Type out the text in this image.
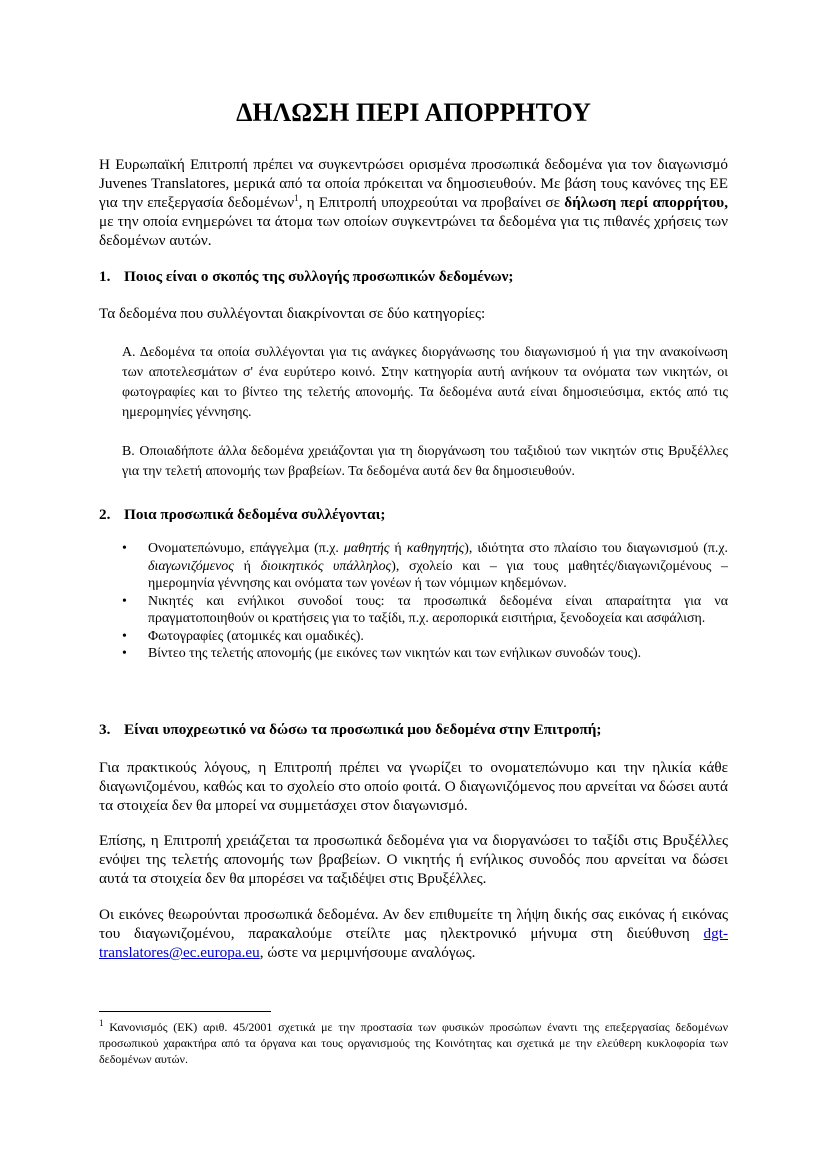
ΔΗΛΩΣΗ ΠΕΡΙ ΑΠΟΡΡΗΤΟΥ

Η Ευρωπαϊκή Επιτροπή πρέπει να συγκεντρώσει ορισμένα προσωπικά δεδομένα για τον διαγωνισμό Juvenes Translatores, μερικά από τα οποία πρόκειται να δημοσιευθούν. Με βάση τους κανόνες της ΕΕ για την επεξεργασία δεδομένων$^1$, η Επιτροπή υποχρεούται να προβαίνει σε δήλωση περί απορρήτου, με την οποία ενημερώνει τα άτομα των οποίων συγκεντρώνει τα δεδομένα για τις πιθανές χρήσεις των δεδομένων αυτών.

1. Ποιος είναι ο σκοπός της συλλογής προσωπικών δεδομένων;

Τα δεδομένα που συλλέγονται διακρίνονται σε δύο κατηγορίες:

Α. Δεδομένα τα οποία συλλέγονται για τις ανάγκες διοργάνωσης του διαγωνισμού ή για την ανακοίνωση των αποτελεσμάτων σ' ένα ευρύτερο κοινό. Στην κατηγορία αυτή ανήκουν τα ονόματα των νικητών, οι φωτογραφίες και το βίντεο της τελετής απονομής. Τα δεδομένα αυτά είναι δημοσιεύσιμα, εκτός από τις ημερομηνίες γέννησης.

Β. Οποιαδήποτε άλλα δεδομένα χρειάζονται για τη διοργάνωση του ταξιδιού των νικητών στις Βρυξέλλες για την τελετή απονομής των βραβείων. Τα δεδομένα αυτά δεν θα δημοσιευθούν.

2. Ποια προσωπικά δεδομένα συλλέγονται;

• Ονοματεπώνυμο, επάγγελμα (π.χ. μαθητής ή καθηγητής), ιδιότητα στο πλαίσιο του διαγωνισμού (π.χ. διαγωνιζόμενος ή διοικητικός υπάλληλος), σχολείο και – για τους μαθητές/διαγωνιζομένους – ημερομηνία γέννησης και ονόματα των γονέων ή των νόμιμων κηδεμόνων.
• Νικητές και ενήλικοι συνοδοί τους: τα προσωπικά δεδομένα είναι απαραίτητα για να πραγματοποιηθούν οι κρατήσεις για το ταξίδι, π.χ. αεροπορικά εισιτήρια, ξενοδοχεία και ασφάλιση.
• Φωτογραφίες (ατομικές και ομαδικές).
• Βίντεο της τελετής απονομής (με εικόνες των νικητών και των ενήλικων συνοδών τους).

3. Είναι υποχρεωτικό να δώσω τα προσωπικά μου δεδομένα στην Επιτροπή;

Για πρακτικούς λόγους, η Επιτροπή πρέπει να γνωρίζει το ονοματεπώνυμο και την ηλικία κάθε διαγωνιζομένου, καθώς και το σχολείο στο οποίο φοιτά. Ο διαγωνιζόμενος που αρνείται να δώσει αυτά τα στοιχεία δεν θα μπορεί να συμμετάσχει στον διαγωνισμό.

Επίσης, η Επιτροπή χρειάζεται τα προσωπικά δεδομένα για να διοργανώσει το ταξίδι στις Βρυξέλλες ενόψει της τελετής απονομής των βραβείων. Ο νικητής ή ενήλικος συνοδός που αρνείται να δώσει αυτά τα στοιχεία δεν θα μπορέσει να ταξιδέψει στις Βρυξέλλες.

Οι εικόνες θεωρούνται προσωπικά δεδομένα. Αν δεν επιθυμείτε τη λήψη δικής σας εικόνας ή εικόνας του διαγωνιζομένου, παρακαλούμε στείλτε μας ηλεκτρονικό μήνυμα στη διεύθυνση dgt-translatores@ec.europa.eu, ώστε να μεριμνήσουμε αναλόγως.

$^1$ Κανονισμός (ΕΚ) αριθ. 45/2001 σχετικά με την προστασία των φυσικών προσώπων έναντι της επεξεργασίας δεδομένων προσωπικού χαρακτήρα από τα όργανα και τους οργανισμούς της Κοινότητας και σχετικά με την ελεύθερη κυκλοφορία των δεδομένων αυτών.
